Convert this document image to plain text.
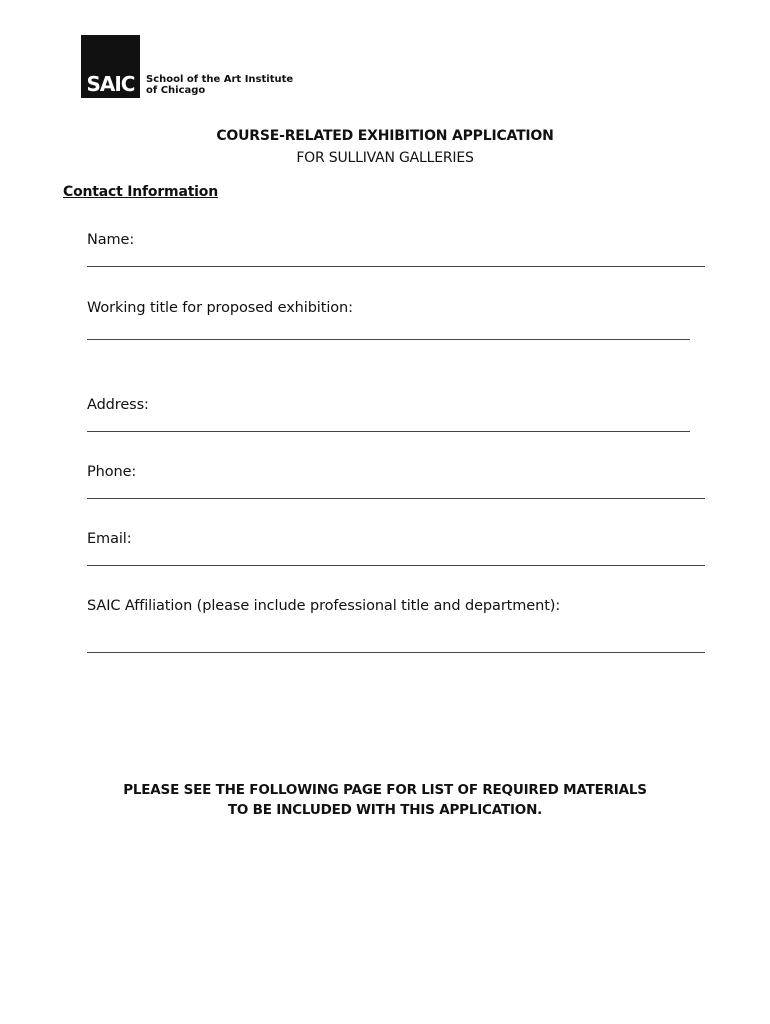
SAIC	School of the Art Institute
of Chicago
COURSE-RELATED EXHIBITION APPLICATION
FOR SULLIVAN GALLERIES
Contact Information
Name:
Working title for proposed exhibition:
Address:
Phone:
Email:
SAIC Affiliation (please include professional title and department):
PLEASE SEE THE FOLLOWING PAGE FOR LIST OF REQUIRED MATERIALS
TO BE INCLUDED WITH THIS APPLICATION.
